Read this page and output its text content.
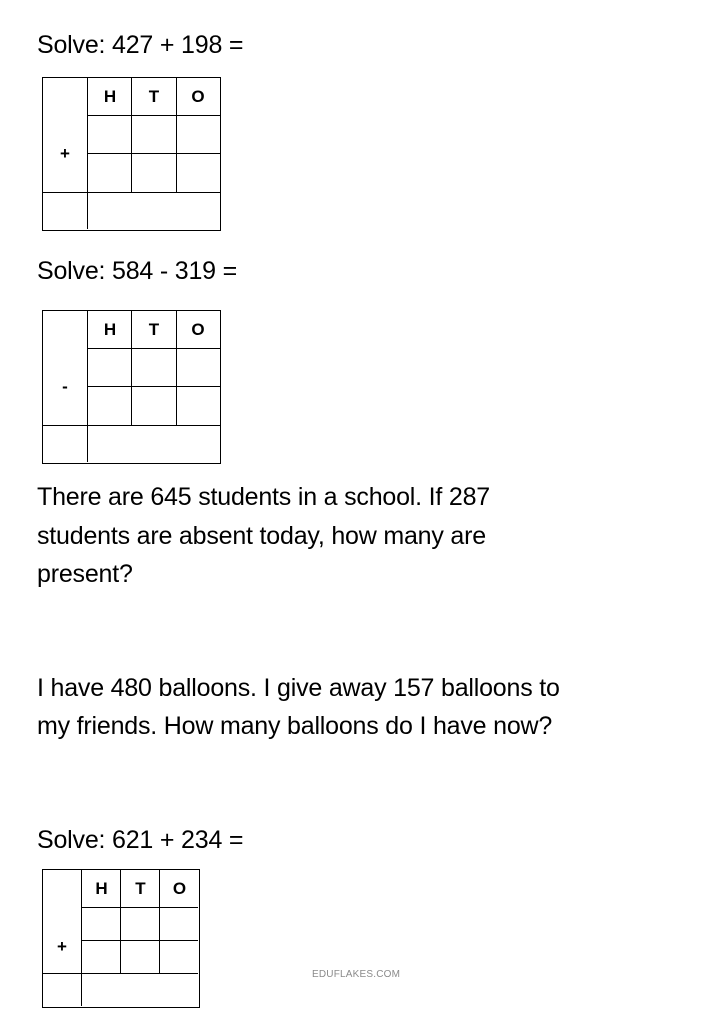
Solve: 427 + 198 =
H	T	O
+
Solve: 584 - 319 =
H	T	O
-
There are 645 students in a school. If 287
students are absent today, how many are
present?
I have 480 balloons. I give away 157 balloons to
my friends. How many balloons do I have now?
Solve: 621 + 234 =
H	T	O
+
EDUFLAKES.COM
